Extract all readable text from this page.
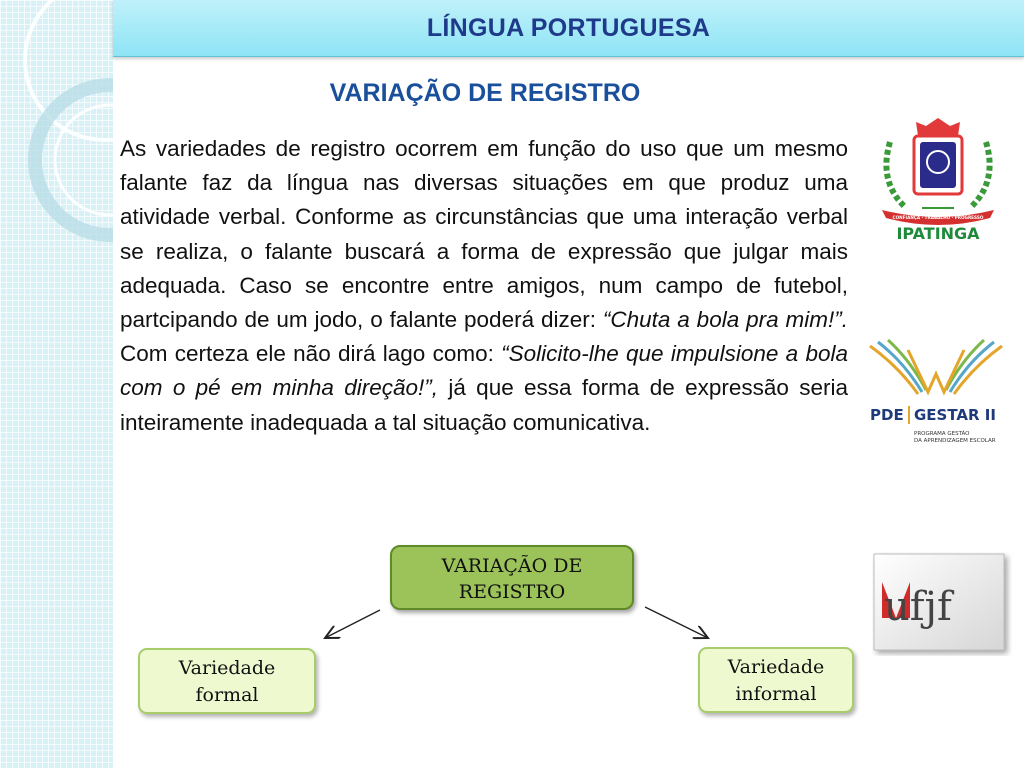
LÍNGUA PORTUGUESA
VARIAÇÃO DE REGISTRO
As variedades de registro ocorrem em função do uso que um mesmo falante faz da língua nas diversas situações em que produz uma atividade verbal. Conforme as circunstâncias que uma interação verbal se realiza, o falante buscará a forma de expressão que julgar mais adequada. Caso se encontre entre amigos, num campo de futebol, partcipando de um jodo, o falante poderá dizer: “Chuta a bola pra mim!”. Com certeza ele não dirá lago como: “Solicito-lhe que impulsione a bola com o pé em minha direção!”, já que essa forma de expressão seria inteiramente inadequada a tal situação comunicativa.
VARIAÇÃO DE
REGISTRO
Variedade
formal
Variedade
informal
CONFIANÇA · TRABALHO · PROGRESSO
IPATINGA
PDE GESTAR II
PROGRAMA GESTÃO
DA APRENDIZAGEM ESCOLAR
ufjf
